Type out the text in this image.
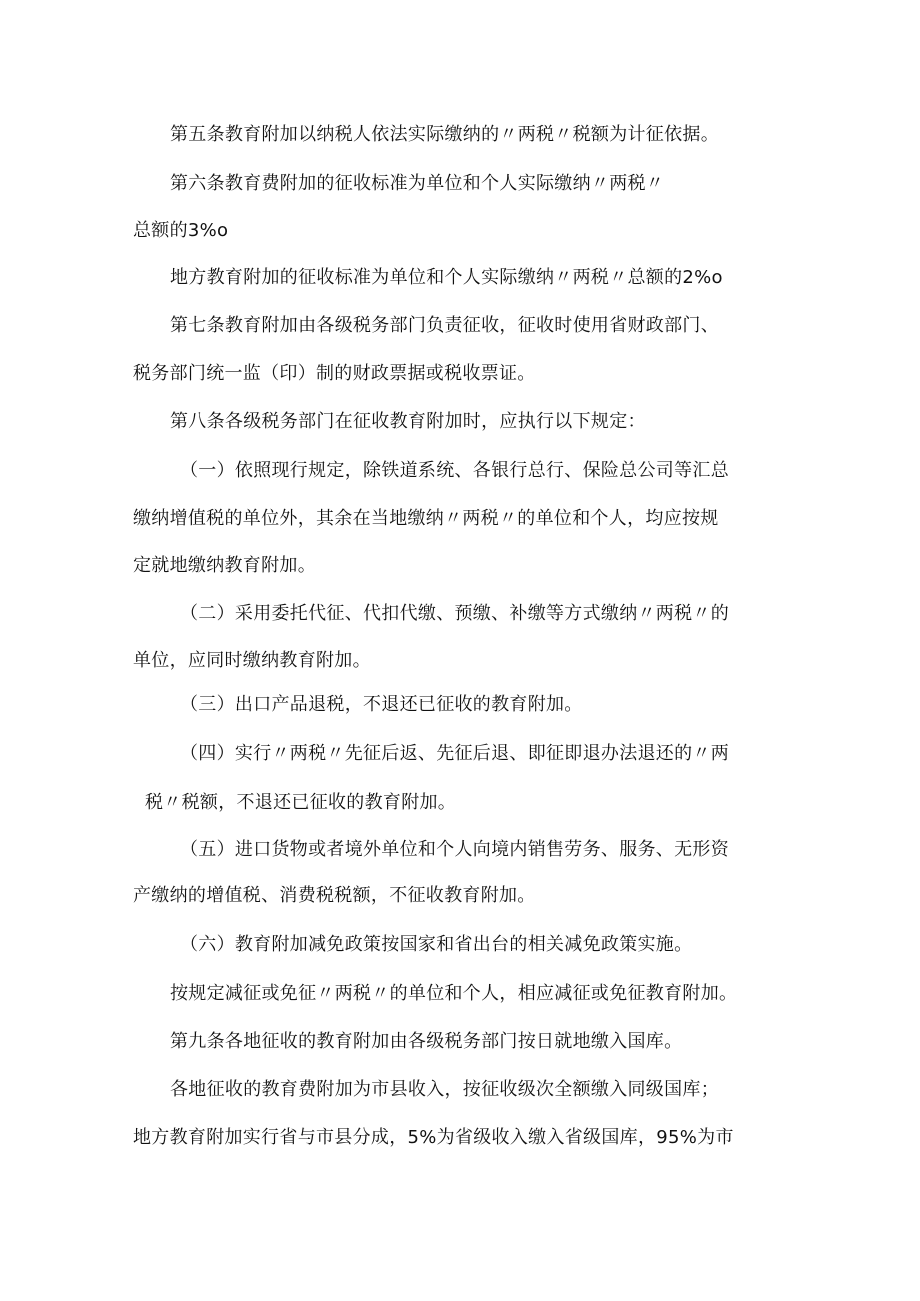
第五条教育附加以纳税人依法实际缴纳的〃两税〃税额为计征依据。
第六条教育费附加的征收标准为单位和个人实际缴纳〃两税〃
总额的3%o
地方教育附加的征收标准为单位和个人实际缴纳〃两税〃总额的2%o
第七条教育附加由各级税务部门负责征收，征收时使用省财政部门、
税务部门统一监（印）制的财政票据或税收票证。
第八条各级税务部门在征收教育附加时，应执行以下规定：
（一）依照现行规定，除铁道系统、各银行总行、保险总公司等汇总
缴纳增值税的单位外，其余在当地缴纳〃两税〃的单位和个人，均应按规
定就地缴纳教育附加。
（二）采用委托代征、代扣代缴、预缴、补缴等方式缴纳〃两税〃的
单位，应同时缴纳教育附加。
（三）出口产品退税，不退还已征收的教育附加。
（四）实行〃两税〃先征后返、先征后退、即征即退办法退还的〃两
税〃税额，不退还已征收的教育附加。
（五）进口货物或者境外单位和个人向境内销售劳务、服务、无形资
产缴纳的增值税、消费税税额，不征收教育附加。
（六）教育附加减免政策按国家和省出台的相关减免政策实施。
按规定减征或免征〃两税〃的单位和个人，相应减征或免征教育附加。
第九条各地征收的教育附加由各级税务部门按日就地缴入国库。
各地征收的教育费附加为市县收入，按征收级次全额缴入同级国库；
地方教育附加实行省与市县分成，5%为省级收入缴入省级国库，95%为市
